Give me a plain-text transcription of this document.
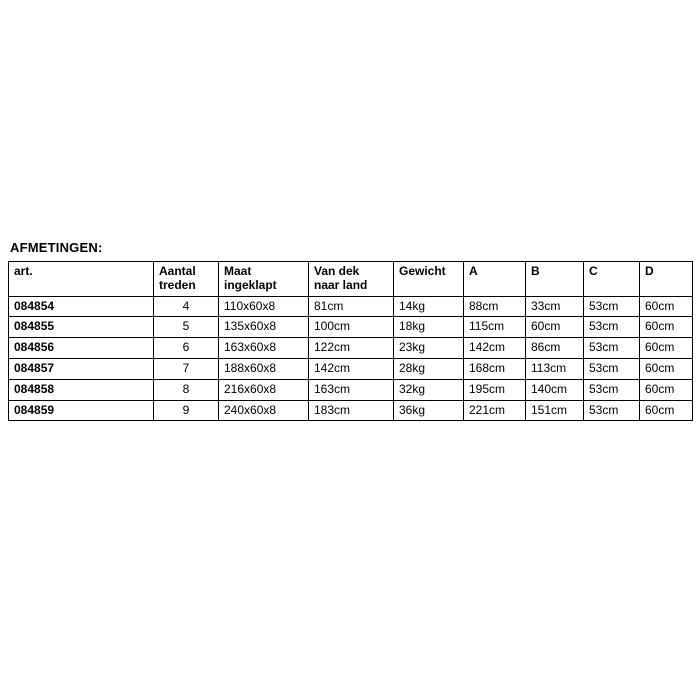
AFMETINGEN:
art.	Aantal treden	Maat ingeklapt	Van dek naar land	Gewicht	A	B	C	D
084854	4	110x60x8	81cm	14kg	88cm	33cm	53cm	60cm
084855	5	135x60x8	100cm	18kg	115cm	60cm	53cm	60cm
084856	6	163x60x8	122cm	23kg	142cm	86cm	53cm	60cm
084857	7	188x60x8	142cm	28kg	168cm	113cm	53cm	60cm
084858	8	216x60x8	163cm	32kg	195cm	140cm	53cm	60cm
084859	9	240x60x8	183cm	36kg	221cm	151cm	53cm	60cm
